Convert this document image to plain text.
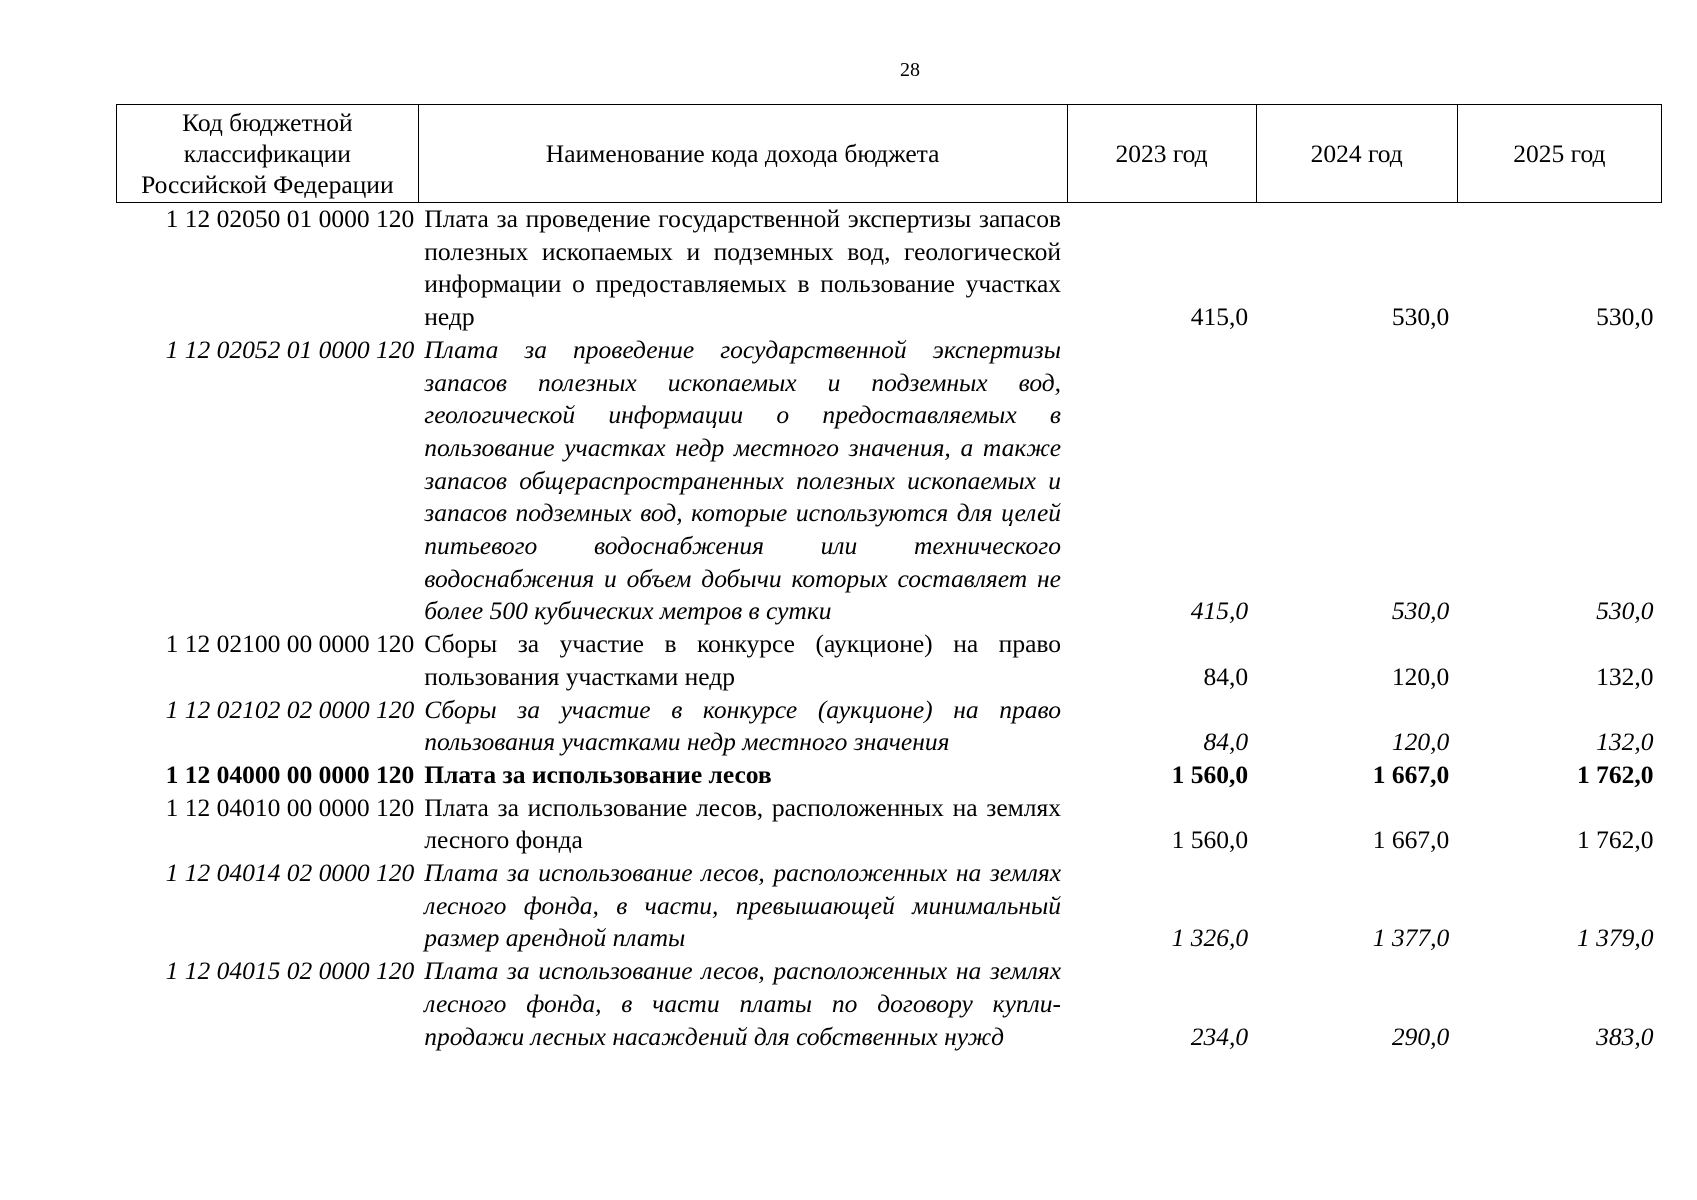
28
Код бюджетной классификации Российской Федерации	Наименование кода дохода бюджета	2023 год	2024 год	2025 год
1 12 02050 01 0000 120	Плата за проведение государственной экспертизы запасов полезных ископаемых и подземных вод, геологической информации о предоставляемых в пользование участках недр	415,0	530,0	530,0
1 12 02052 01 0000 120	Плата за проведение государственной экспертизы запасов полезных ископаемых и подземных вод, геологической информации о предоставляемых в пользование участках недр местного значения, а также запасов общераспространенных полезных ископаемых и запасов подземных вод, которые используются для целей питьевого водоснабжения или технического водоснабжения и объем добычи которых составляет не более 500 кубических метров в сутки	415,0	530,0	530,0
1 12 02100 00 0000 120	Сборы за участие в конкурсе (аукционе) на право пользования участками недр	84,0	120,0	132,0
1 12 02102 02 0000 120	Сборы за участие в конкурсе (аукционе) на право пользования участками недр местного значения	84,0	120,0	132,0
1 12 04000 00 0000 120	Плата за использование лесов	1 560,0	1 667,0	1 762,0
1 12 04010 00 0000 120	Плата за использование лесов, расположенных на землях лесного фонда	1 560,0	1 667,0	1 762,0
1 12 04014 02 0000 120	Плата за использование лесов, расположенных на землях лесного фонда, в части, превышающей минимальный размер арендной платы	1 326,0	1 377,0	1 379,0
1 12 04015 02 0000 120	Плата за использование лесов, расположенных на землях лесного фонда, в части платы по договору купли-продажи лесных насаждений для собственных нужд	234,0	290,0	383,0
